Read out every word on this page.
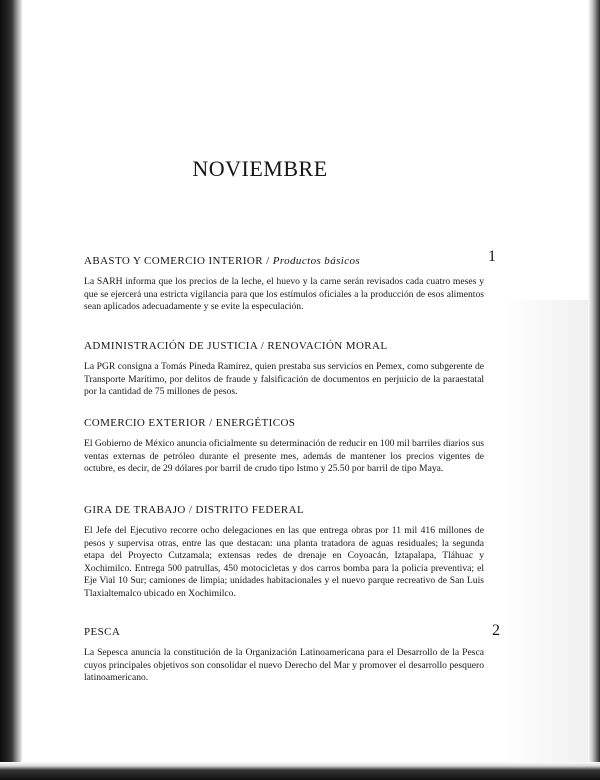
NOVIEMBRE
1
2
ABASTO Y COMERCIO INTERIOR / Productos básicos
La SARH informa que los precios de la leche, el huevo y la carne serán revisados cada cuatro meses y que se ejercerá una estricta vigilancia para que los estímulos oficiales a la producción de esos alimentos sean aplicados adecuadamente y se evite la especulación.
ADMINISTRACIÓN DE JUSTICIA / RENOVACIÓN MORAL
La PGR consigna a Tomás Pineda Ramírez, quien prestaba sus servicios en Pemex, como subgerente de Transporte Marítimo, por delitos de fraude y falsificación de documentos en perjuicio de la paraestatal por la cantidad de 75 millones de pesos.
COMERCIO EXTERIOR / ENERGÉTICOS
El Gobierno de México anuncia oficialmente su determinación de reducir en 100 mil barriles diarios sus ventas externas de petróleo durante el presente mes, además de mantener los precios vigentes de octubre, es decir, de 29 dólares por barril de crudo tipo Istmo y 25.50 por barril de tipo Maya.
GIRA DE TRABAJO / DISTRITO FEDERAL
El Jefe del Ejecutivo recorre ocho delegaciones en las que entrega obras por 11 mil 416 millones de pesos y supervisa otras, entre las que destacan: una planta tratadora de aguas residuales; la segunda etapa del Proyecto Cutzamala; extensas redes de drenaje en Coyoacán, Iztapalapa, Tláhuac y Xochimilco. Entrega 500 patrullas, 450 motocicletas y dos carros bomba para la policía preventiva; el Eje Vial 10 Sur; camiones de limpia; unidades habitacionales y el nuevo parque recreativo de San Luis Tlaxialtemalco ubicado en Xochimilco.
PESCA
La Sepesca anuncia la constitución de la Organización Latinoamericana para el Desarrollo de la Pesca cuyos principales objetivos son consolidar el nuevo Derecho del Mar y promover el desarrollo pesquero latinoamericano.
